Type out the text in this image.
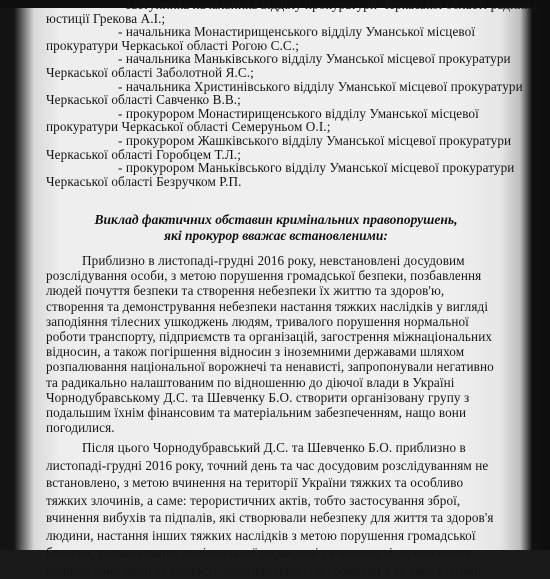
- заступника начальника відділу прокуратури Черкаської області радника
юстиції Грекова А.І.;
- начальника Монастирищенського відділу Уманської місцевої
прокуратури Черкаської області Рогою С.С.;
- начальника Маньківського відділу Уманської місцевої прокуратури
Черкаської області Заболотной Я.С.;
- начальника Христинівського відділу Уманської місцевої прокуратури
Черкаської області Савченко В.В.;
- прокурором Монастирищенського відділу Уманської місцевої
прокуратури Черкаської області Семеруньом О.І.;
- прокурором Жашківського відділу Уманської місцевої прокуратури
Черкаської області Горобцем Т.Л.;
- прокурором Маньківського відділу Уманської місцевої прокуратури
Черкаської області Безручком Р.П.
Виклад фактичних обставин кримінальних правопорушень,
які прокурор вважає встановленими:
Приблизно в листопаді-грудні 2016 року, невстановлені досудовим
розслідування особи, з метою порушення громадської безпеки, позбавлення
людей почуття безпеки та створення небезпеки їх життю та здоров'ю,
створення та демонстрування небезпеки настання тяжких наслідків у вигляді
заподіяння тілесних ушкоджень людям, тривалого порушення нормальної
роботи транспорту, підприємств та організацій, загострення міжнаціональних
відносин, а також погіршення відносин з іноземними державами шляхом
розпалювання національної ворожнечі та ненависті, запропонували негативно
та радикально налаштованим по відношенню до діючої влади в Україні
Чорнодубравському Д.С. та Шевченку Б.О. створити організовану групу з
подальшим їхнім фінансовим та матеріальним забезпеченням, нащо вони
погодилися.
Після цього Чорнодубравський Д.С. та Шевченко Б.О. приблизно в
листопаді-грудні 2016 року, точний день та час досудовим розслідуванням не
встановлено, з метою вчинення на території України тяжких та особливо
тяжких злочинів, а саме: терористичних актів, тобто застосування зброї,
вчинення вибухів та підпалів, які створювали небезпеку для життя та здоров'я
людини, настання інших тяжких наслідків з метою порушення громадської
безпеки; розпалювання національної ворожнечі та ненависті, приниження
національної честі та гідності, образою почуттів громадян у зв'язку з їхніми
